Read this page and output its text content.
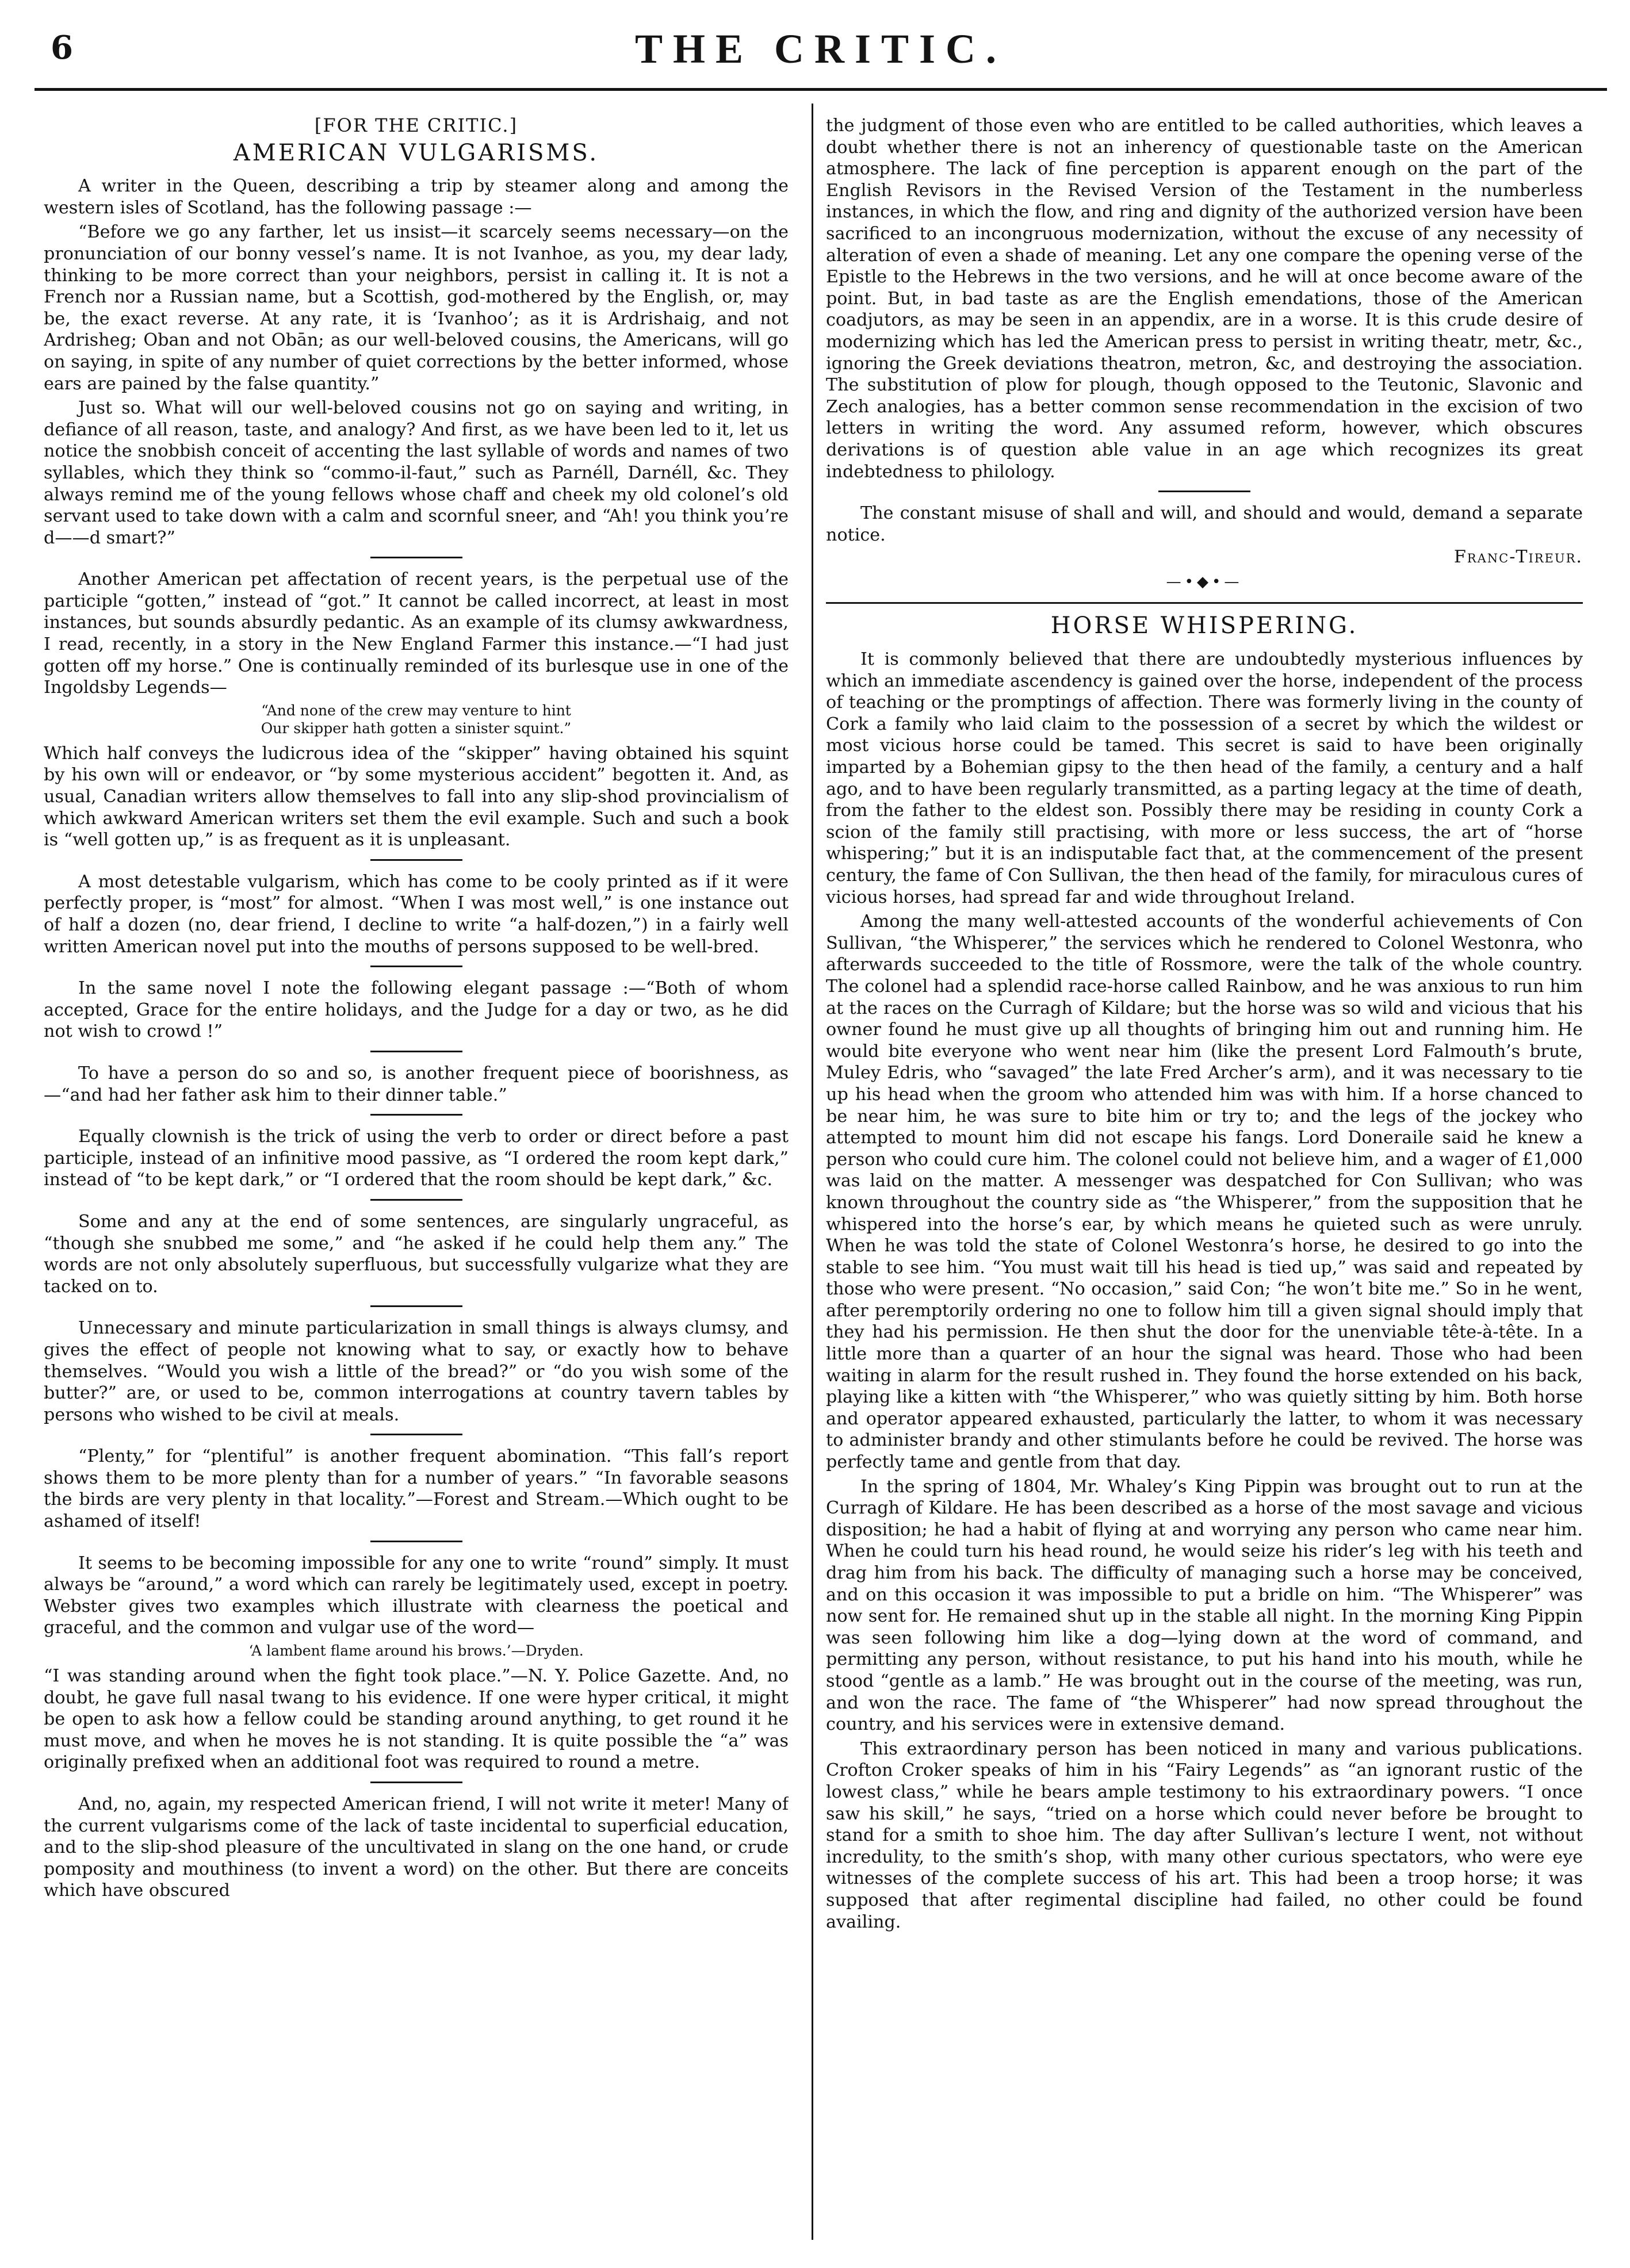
6	THE CRITIC.
[FOR THE CRITIC.]
AMERICAN VULGARISMS.

A writer in the Queen, describing a trip by steamer along and among the western isles of Scotland, has the following passage :—

“Before we go any farther, let us insist—it scarcely seems necessary—on the pronunciation of our bonny vessel’s name. It is not Ivanhoe, as you, my dear lady, thinking to be more correct than your neighbors, persist in calling it. It is not a French nor a Russian name, but a Scottish, god-mothered by the English, or, may be, the exact reverse. At any rate, it is ‘Ivanhoo’; as it is Ardrishaig, and not Ardrisheg; Oban and not Obān; as our well-beloved cousins, the Americans, will go on saying, in spite of any number of quiet corrections by the better informed, whose ears are pained by the false quantity.”

Just so. What will our well-beloved cousins not go on saying and writing, in defiance of all reason, taste, and analogy? And first, as we have been led to it, let us notice the snobbish conceit of accenting the last syllable of words and names of two syllables, which they think so “commo-il-faut,” such as Parnéll, Darnéll, &c. They always remind me of the young fellows whose chaff and cheek my old colonel’s old servant used to take down with a calm and scornful sneer, and “Ah! you think you’re d——d smart?”

Another American pet affectation of recent years, is the perpetual use of the participle “gotten,” instead of “got.” It cannot be called incorrect, at least in most instances, but sounds absurdly pedantic. As an example of its clumsy awkwardness, I read, recently, in a story in the New England Farmer this instance.—“I had just gotten off my horse.” One is continually reminded of its burlesque use in one of the Ingoldsby Legends—

“And none of the crew may venture to hint
Our skipper hath gotten a sinister squint.”

Which half conveys the ludicrous idea of the “skipper” having obtained his squint by his own will or endeavor, or “by some mysterious accident” begotten it. And, as usual, Canadian writers allow themselves to fall into any slip-shod provincialism of which awkward American writers set them the evil example. Such and such a book is “well gotten up,” is as frequent as it is unpleasant.

A most detestable vulgarism, which has come to be cooly printed as if it were perfectly proper, is “most” for almost. “When I was most well,” is one instance out of half a dozen (no, dear friend, I decline to write “a half-dozen,”) in a fairly well written American novel put into the mouths of persons supposed to be well-bred.

In the same novel I note the following elegant passage :—“Both of whom accepted, Grace for the entire holidays, and the Judge for a day or two, as he did not wish to crowd !”

To have a person do so and so, is another frequent piece of boorishness, as—“and had her father ask him to their dinner table.”

Equally clownish is the trick of using the verb to order or direct before a past participle, instead of an infinitive mood passive, as “I ordered the room kept dark,” instead of “to be kept dark,” or “I ordered that the room should be kept dark,” &c.

Some and any at the end of some sentences, are singularly ungraceful, as “though she snubbed me some,” and “he asked if he could help them any.” The words are not only absolutely superfluous, but successfully vulgarize what they are tacked on to.

Unnecessary and minute particularization in small things is always clumsy, and gives the effect of people not knowing what to say, or exactly how to behave themselves. “Would you wish a little of the bread?” or “do you wish some of the butter?” are, or used to be, common interrogations at country tavern tables by persons who wished to be civil at meals.

“Plenty,” for “plentiful” is another frequent abomination. “This fall’s report shows them to be more plenty than for a number of years.” “In favorable seasons the birds are very plenty in that locality.”—Forest and Stream.—Which ought to be ashamed of itself!

It seems to be becoming impossible for any one to write “round” simply. It must always be “around,” a word which can rarely be legitimately used, except in poetry. Webster gives two examples which illustrate with clearness the poetical and graceful, and the common and vulgar use of the word—

‘A lambent flame around his brows.’—Dryden.

“I was standing around when the fight took place.”—N. Y. Police Gazette. And, no doubt, he gave full nasal twang to his evidence. If one were hyper critical, it might be open to ask how a fellow could be standing around anything, to get round it he must move, and when he moves he is not standing. It is quite possible the “a” was originally prefixed when an additional foot was required to round a metre.

And, no, again, my respected American friend, I will not write it meter! Many of the current vulgarisms come of the lack of taste incidental to superficial education, and to the slip-shod pleasure of the uncultivated in slang on the one hand, or crude pomposity and mouthiness (to invent a word) on the other. But there are conceits which have obscured

the judgment of those even who are entitled to be called authorities, which leaves a doubt whether there is not an inherency of questionable taste on the American atmosphere. The lack of fine perception is apparent enough on the part of the English Revisors in the Revised Version of the Testament in the numberless instances, in which the flow, and ring and dignity of the authorized version have been sacrificed to an incongruous modernization, without the excuse of any necessity of alteration of even a shade of meaning. Let any one compare the opening verse of the Epistle to the Hebrews in the two versions, and he will at once become aware of the point. But, in bad taste as are the English emendations, those of the American coadjutors, as may be seen in an appendix, are in a worse. It is this crude desire of modernizing which has led the American press to persist in writing theatr, metr, &c., ignoring the Greek deviations theatron, metron, &c, and destroying the association. The substitution of plow for plough, though opposed to the Teutonic, Slavonic and Zech analogies, has a better common sense recommendation in the excision of two letters in writing the word. Any assumed reform, however, which obscures derivations is of question able value in an age which recognizes its great indebtedness to philology.

The constant misuse of shall and will, and should and would, demand a separate notice.

Franc-Tireur.
—•◆•—
HORSE WHISPERING.

It is commonly believed that there are undoubtedly mysterious influences by which an immediate ascendency is gained over the horse, independent of the process of teaching or the promptings of affection. There was formerly living in the county of Cork a family who laid claim to the possession of a secret by which the wildest or most vicious horse could be tamed. This secret is said to have been originally imparted by a Bohemian gipsy to the then head of the family, a century and a half ago, and to have been regularly transmitted, as a parting legacy at the time of death, from the father to the eldest son. Possibly there may be residing in county Cork a scion of the family still practising, with more or less success, the art of “horse whispering;” but it is an indisputable fact that, at the commencement of the present century, the fame of Con Sullivan, the then head of the family, for miraculous cures of vicious horses, had spread far and wide throughout Ireland.

Among the many well-attested accounts of the wonderful achievements of Con Sullivan, “the Whisperer,” the services which he rendered to Colonel Westonra, who afterwards succeeded to the title of Rossmore, were the talk of the whole country. The colonel had a splendid race-horse called Rainbow, and he was anxious to run him at the races on the Curragh of Kildare; but the horse was so wild and vicious that his owner found he must give up all thoughts of bringing him out and running him. He would bite everyone who went near him (like the present Lord Falmouth’s brute, Muley Edris, who “savaged” the late Fred Archer’s arm), and it was necessary to tie up his head when the groom who attended him was with him. If a horse chanced to be near him, he was sure to bite him or try to; and the legs of the jockey who attempted to mount him did not escape his fangs. Lord Doneraile said he knew a person who could cure him. The colonel could not believe him, and a wager of £1,000 was laid on the matter. A messenger was despatched for Con Sullivan; who was known throughout the country side as “the Whisperer,” from the supposition that he whispered into the horse’s ear, by which means he quieted such as were unruly. When he was told the state of Colonel Westonra’s horse, he desired to go into the stable to see him. “You must wait till his head is tied up,” was said and repeated by those who were present. “No occasion,” said Con; “he won’t bite me.” So in he went, after peremptorily ordering no one to follow him till a given signal should imply that they had his permission. He then shut the door for the unenviable tête-à-tête. In a little more than a quarter of an hour the signal was heard. Those who had been waiting in alarm for the result rushed in. They found the horse extended on his back, playing like a kitten with “the Whisperer,” who was quietly sitting by him. Both horse and operator appeared exhausted, particularly the latter, to whom it was necessary to administer brandy and other stimulants before he could be revived. The horse was perfectly tame and gentle from that day.

In the spring of 1804, Mr. Whaley’s King Pippin was brought out to run at the Curragh of Kildare. He has been described as a horse of the most savage and vicious disposition; he had a habit of flying at and worrying any person who came near him. When he could turn his head round, he would seize his rider’s leg with his teeth and drag him from his back. The difficulty of managing such a horse may be conceived, and on this occasion it was impossible to put a bridle on him. “The Whisperer” was now sent for. He remained shut up in the stable all night. In the morning King Pippin was seen following him like a dog—lying down at the word of command, and permitting any person, without resistance, to put his hand into his mouth, while he stood “gentle as a lamb.” He was brought out in the course of the meeting, was run, and won the race. The fame of “the Whisperer” had now spread throughout the country, and his services were in extensive demand.

This extraordinary person has been noticed in many and various publications. Crofton Croker speaks of him in his “Fairy Legends” as “an ignorant rustic of the lowest class,” while he bears ample testimony to his extraordinary powers. “I once saw his skill,” he says, “tried on a horse which could never before be brought to stand for a smith to shoe him. The day after Sullivan’s lecture I went, not without incredulity, to the smith’s shop, with many other curious spectators, who were eye witnesses of the complete success of his art. This had been a troop horse; it was supposed that after regimental discipline had failed, no other could be found availing.
